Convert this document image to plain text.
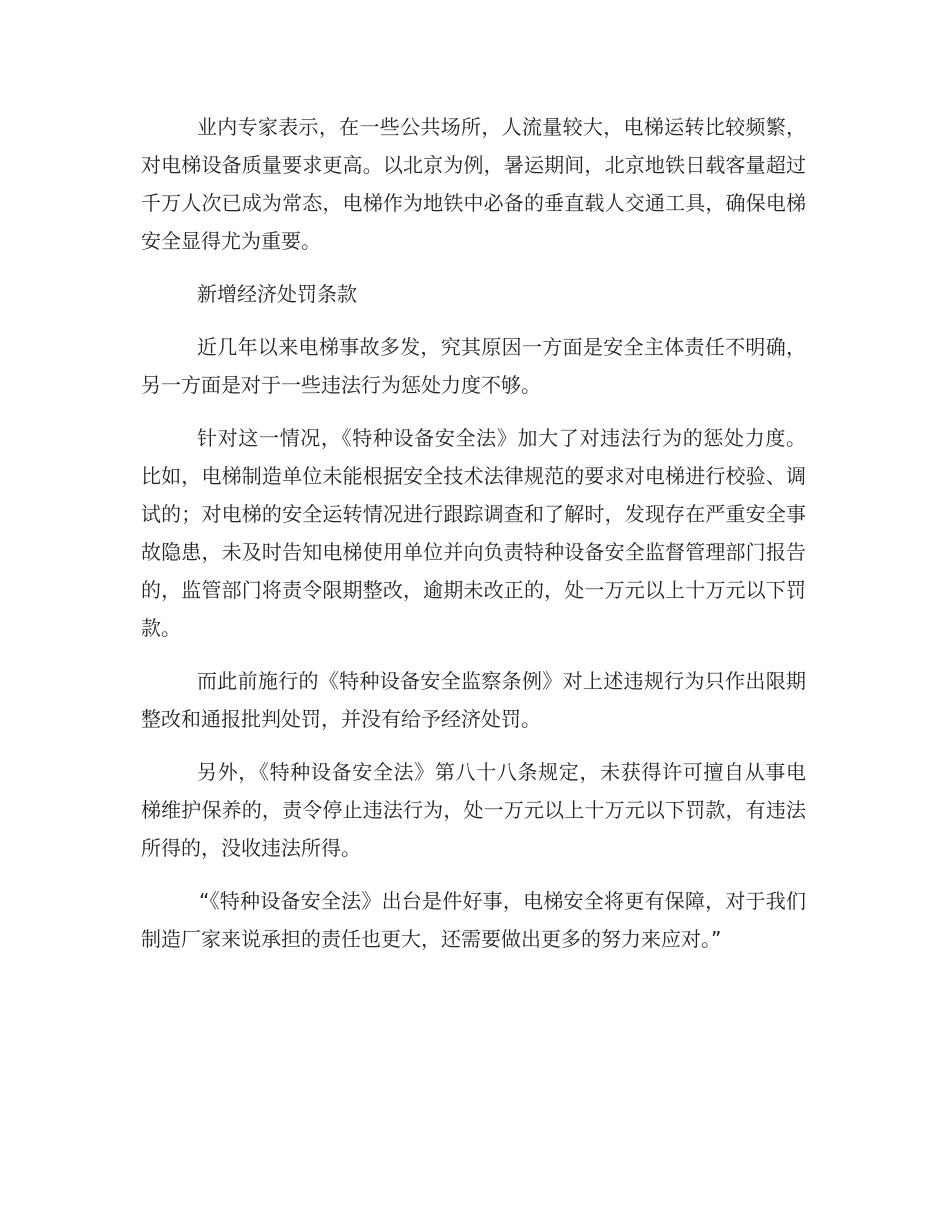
业内专家表示，在一些公共场所，人流量较大，电梯运转比较频繁，对电梯设备质量要求更高。以北京为例，暑运期间，北京地铁日载客量超过千万人次已成为常态，电梯作为地铁中必备的垂直载人交通工具，确保电梯安全显得尤为重要。

新增经济处罚条款

近几年以来电梯事故多发，究其原因一方面是安全主体责任不明确，另一方面是对于一些违法行为惩处力度不够。

针对这一情况，《特种设备安全法》加大了对违法行为的惩处力度。比如，电梯制造单位未能根据安全技术法律规范的要求对电梯进行校验、调试的；对电梯的安全运转情况进行跟踪调查和了解时，发现存在严重安全事故隐患，未及时告知电梯使用单位并向负责特种设备安全监督管理部门报告的，监管部门将责令限期整改，逾期未改正的，处一万元以上十万元以下罚款。

而此前施行的《特种设备安全监察条例》对上述违规行为只作出限期整改和通报批判处罚，并没有给予经济处罚。

另外，《特种设备安全法》第八十八条规定，未获得许可擅自从事电梯维护保养的，责令停止违法行为，处一万元以上十万元以下罚款，有违法所得的，没收违法所得。

“《特种设备安全法》出台是件好事，电梯安全将更有保障，对于我们制造厂家来说承担的责任也更大，还需要做出更多的努力来应对。”
